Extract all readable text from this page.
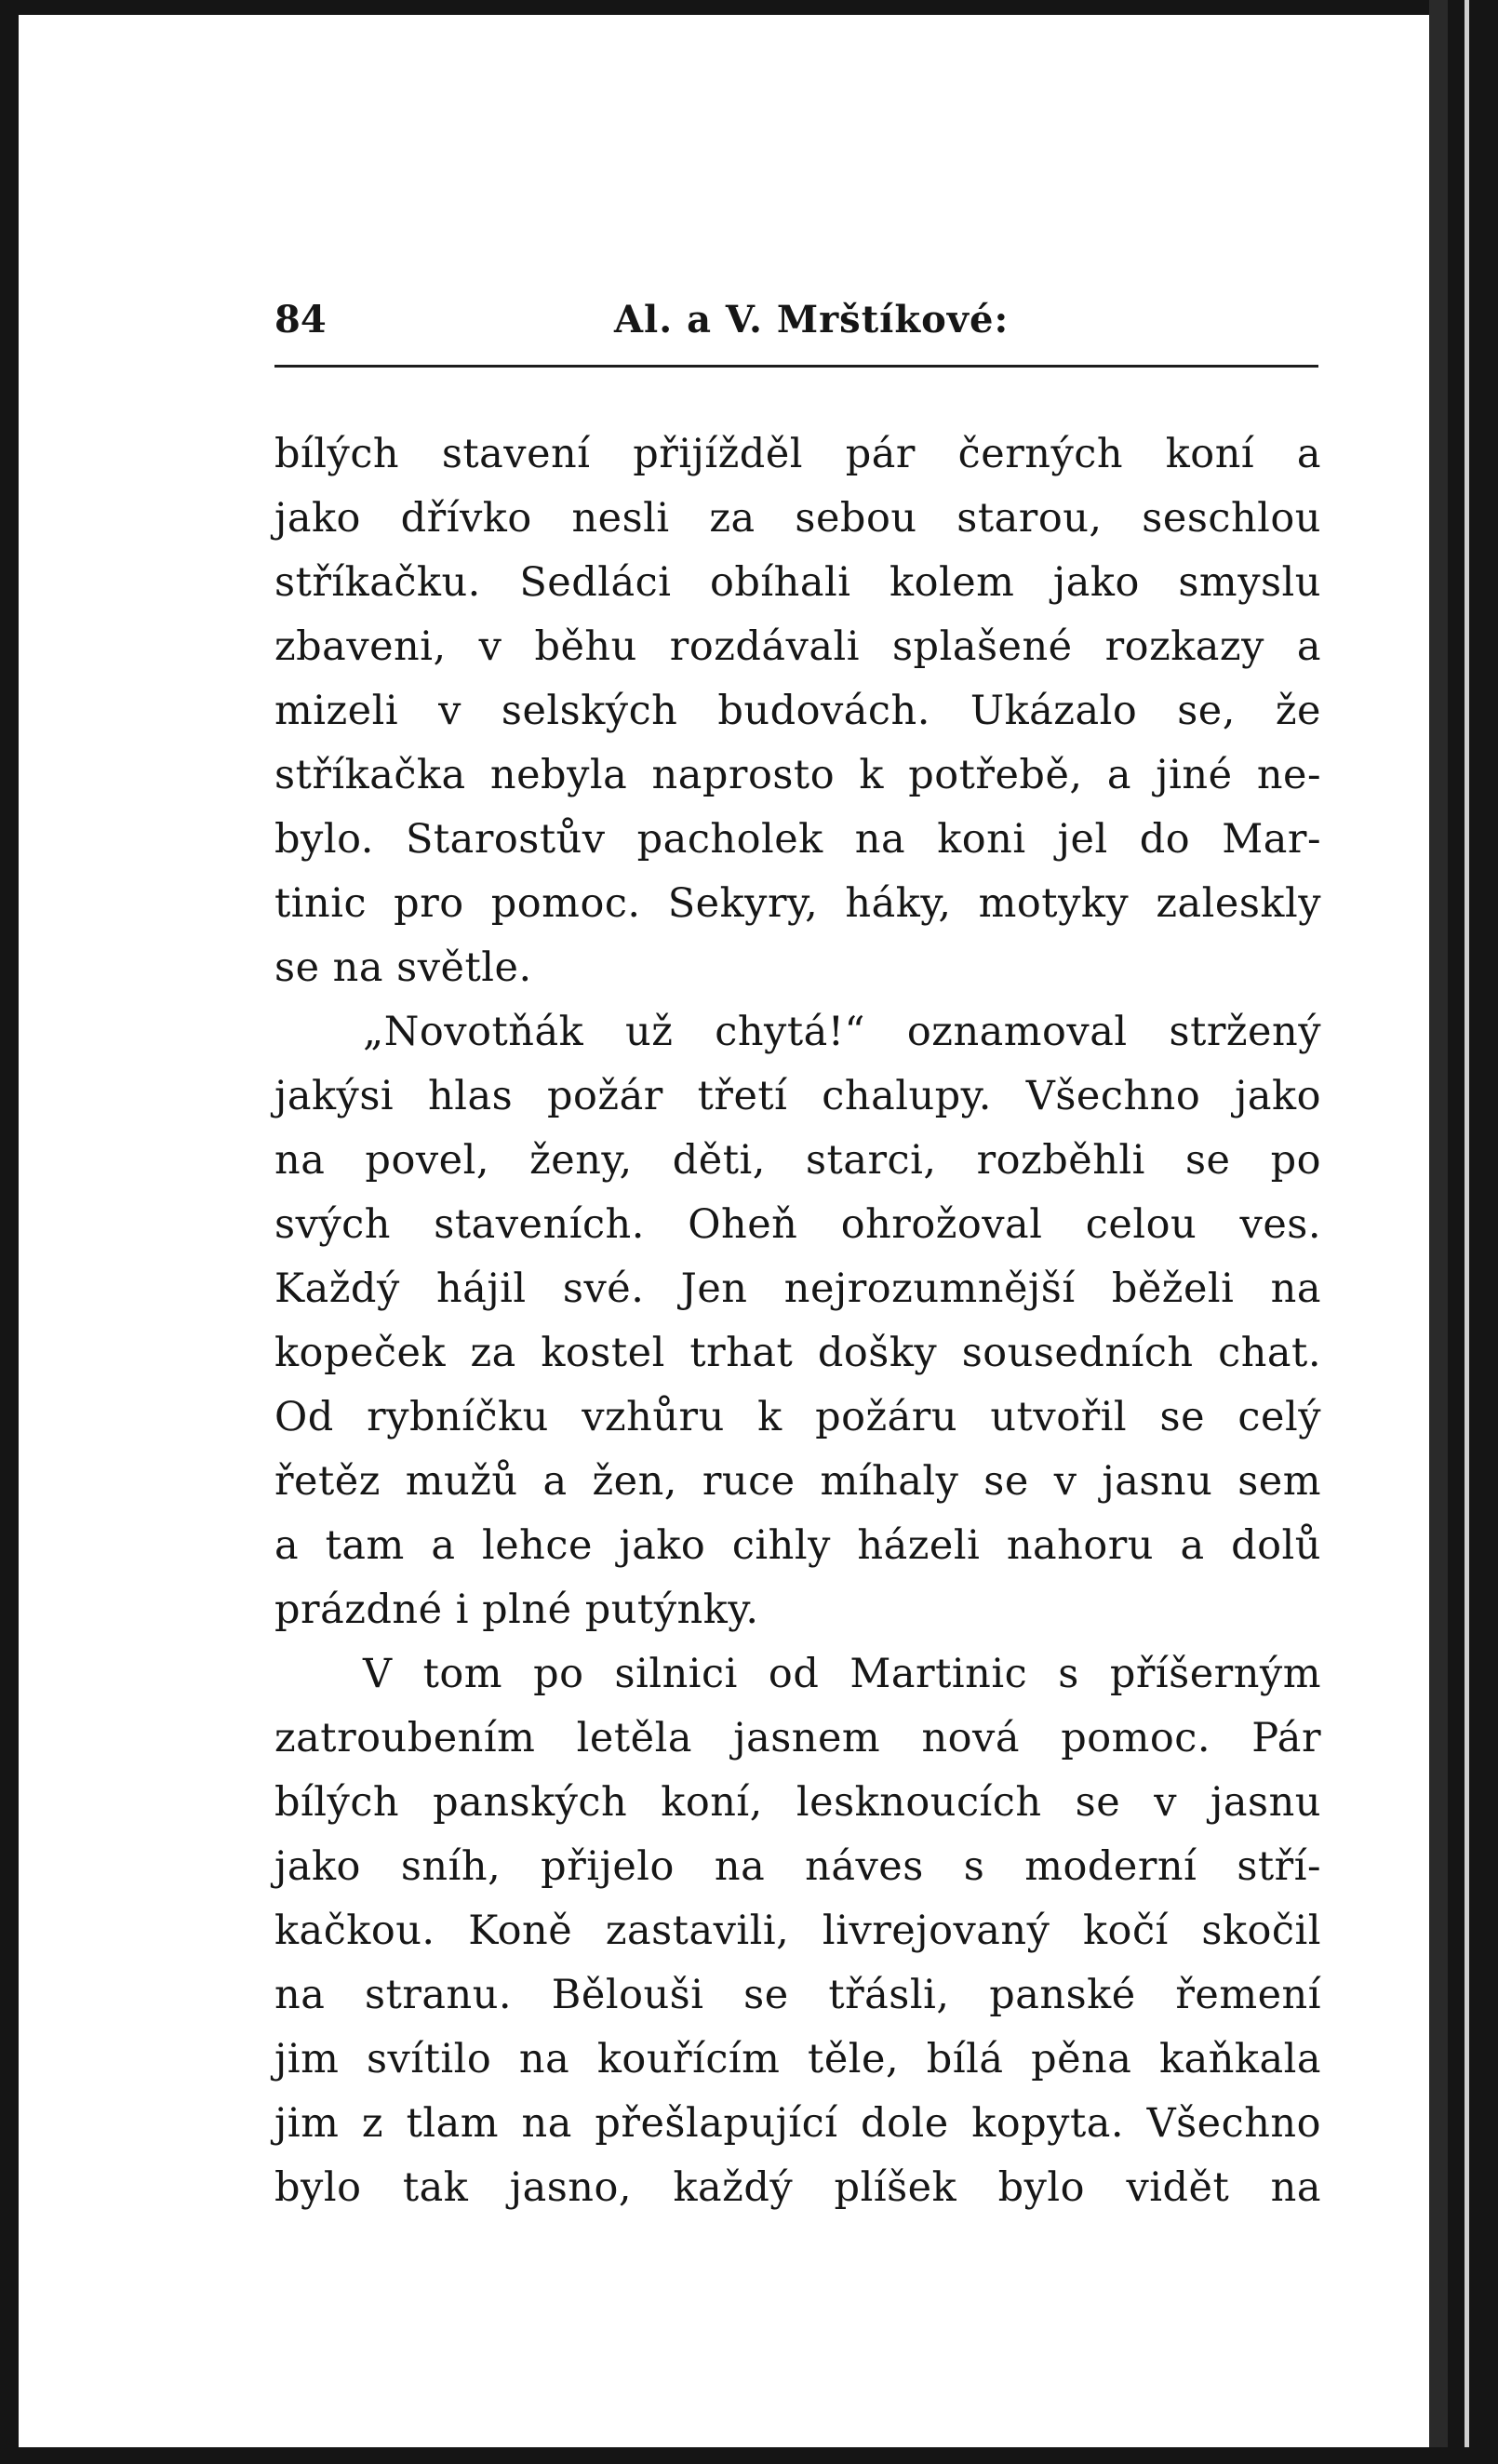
84	Al. a V. Mrštíkové:
bílých stavení přijížděl pár černých koní a
jako dřívko nesli za sebou starou, seschlou
stříkačku. Sedláci obíhali kolem jako smyslu
zbaveni, v běhu rozdávali splašené rozkazy a
mizeli v selských budovách. Ukázalo se, že
stříkačka nebyla naprosto k potřebě, a jiné ne-
bylo. Starostův pacholek na koni jel do Mar-
tinic pro pomoc. Sekyry, háky, motyky zaleskly
se na světle.
„Novotňák už chytá!“ oznamoval stržený
jakýsi hlas požár třetí chalupy. Všechno jako
na povel, ženy, děti, starci, rozběhli se po
svých staveních. Oheň ohrožoval celou ves.
Každý hájil své. Jen nejrozumnější běželi na
kopeček za kostel trhat došky sousedních chat.
Od rybníčku vzhůru k požáru utvořil se celý
řetěz mužů a žen, ruce míhaly se v jasnu sem
a tam a lehce jako cihly házeli nahoru a dolů
prázdné i plné putýnky.
V tom po silnici od Martinic s příšerným
zatroubením letěla jasnem nová pomoc. Pár
bílých panských koní, lesknoucích se v jasnu
jako sníh, přijelo na náves s moderní stří-
kačkou. Koně zastavili, livrejovaný kočí skočil
na stranu. Běloušі se třásli, panské řemení
jim svítilo na kouřícím těle, bílá pěna kaňkala
jim z tlam na přešlapující dole kopyta. Všechno
bylo tak jasno, každý plíšek bylo vidět na
